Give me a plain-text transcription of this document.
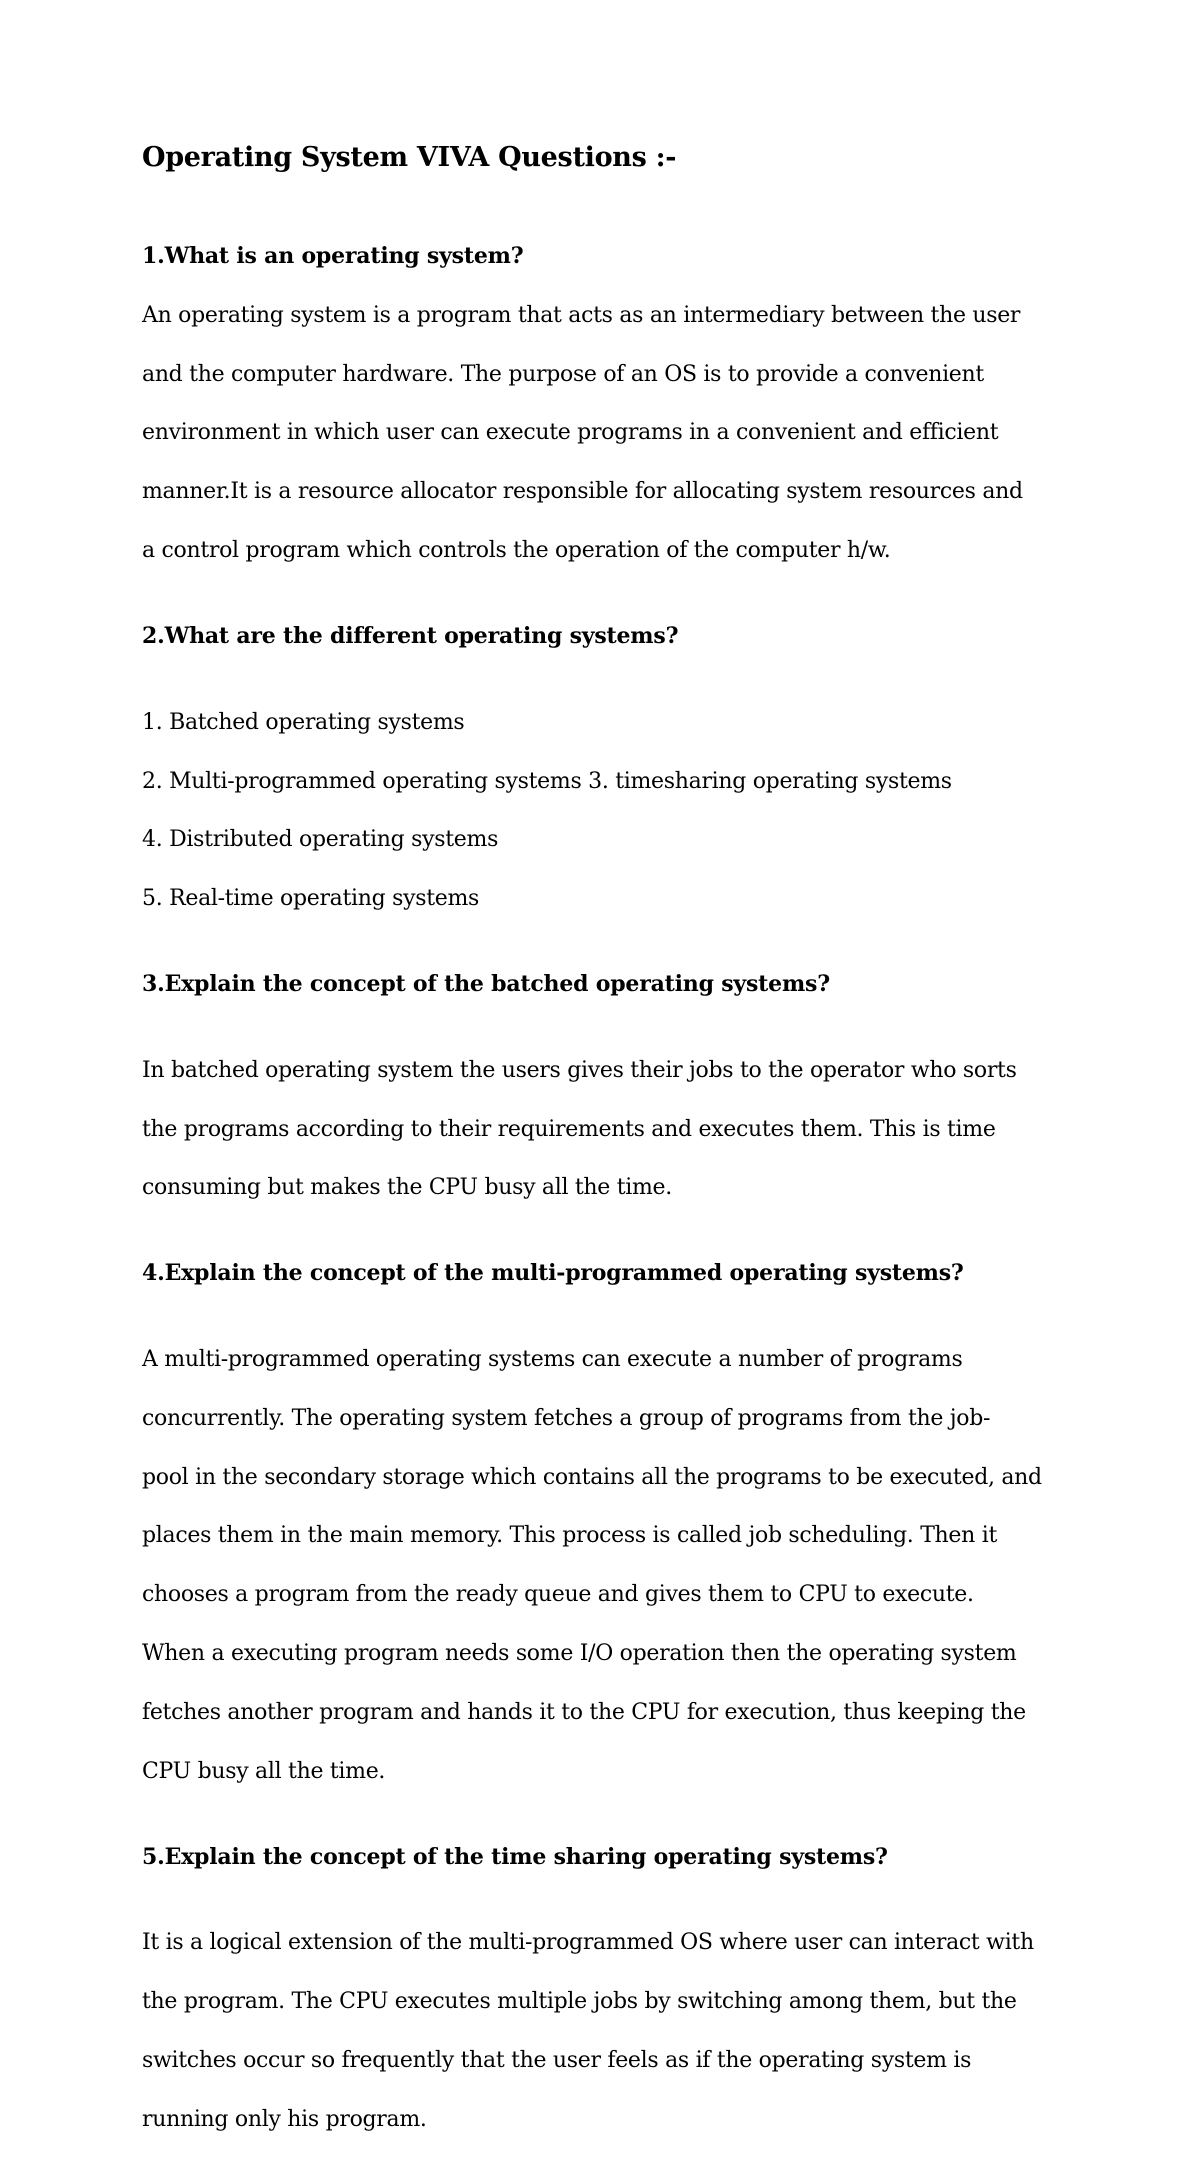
Operating System VIVA Questions :-
1.What is an operating system?

An operating system is a program that acts as an intermediary between the user

and the computer hardware. The purpose of an OS is to provide a convenient

environment in which user can execute programs in a convenient and efficient

manner.It is a resource allocator responsible for allocating system resources and

a control program which controls the operation of the computer h/w.

2.What are the different operating systems?

1. Batched operating systems

2. Multi-programmed operating systems 3. timesharing operating systems

4. Distributed operating systems

5. Real-time operating systems

3.Explain the concept of the batched operating systems?

In batched operating system the users gives their jobs to the operator who sorts

the programs according to their requirements and executes them. This is time

consuming but makes the CPU busy all the time.

4.Explain the concept of the multi-programmed operating systems?

A multi-programmed operating systems can execute a number of programs

concurrently. The operating system fetches a group of programs from the job-

pool in the secondary storage which contains all the programs to be executed, and

places them in the main memory. This process is called job scheduling. Then it

chooses a program from the ready queue and gives them to CPU to execute.

When a executing program needs some I/O operation then the operating system

fetches another program and hands it to the CPU for execution, thus keeping the

CPU busy all the time.

5.Explain the concept of the time sharing operating systems?

It is a logical extension of the multi-programmed OS where user can interact with

the program. The CPU executes multiple jobs by switching among them, but the

switches occur so frequently that the user feels as if the operating system is

running only his program.
